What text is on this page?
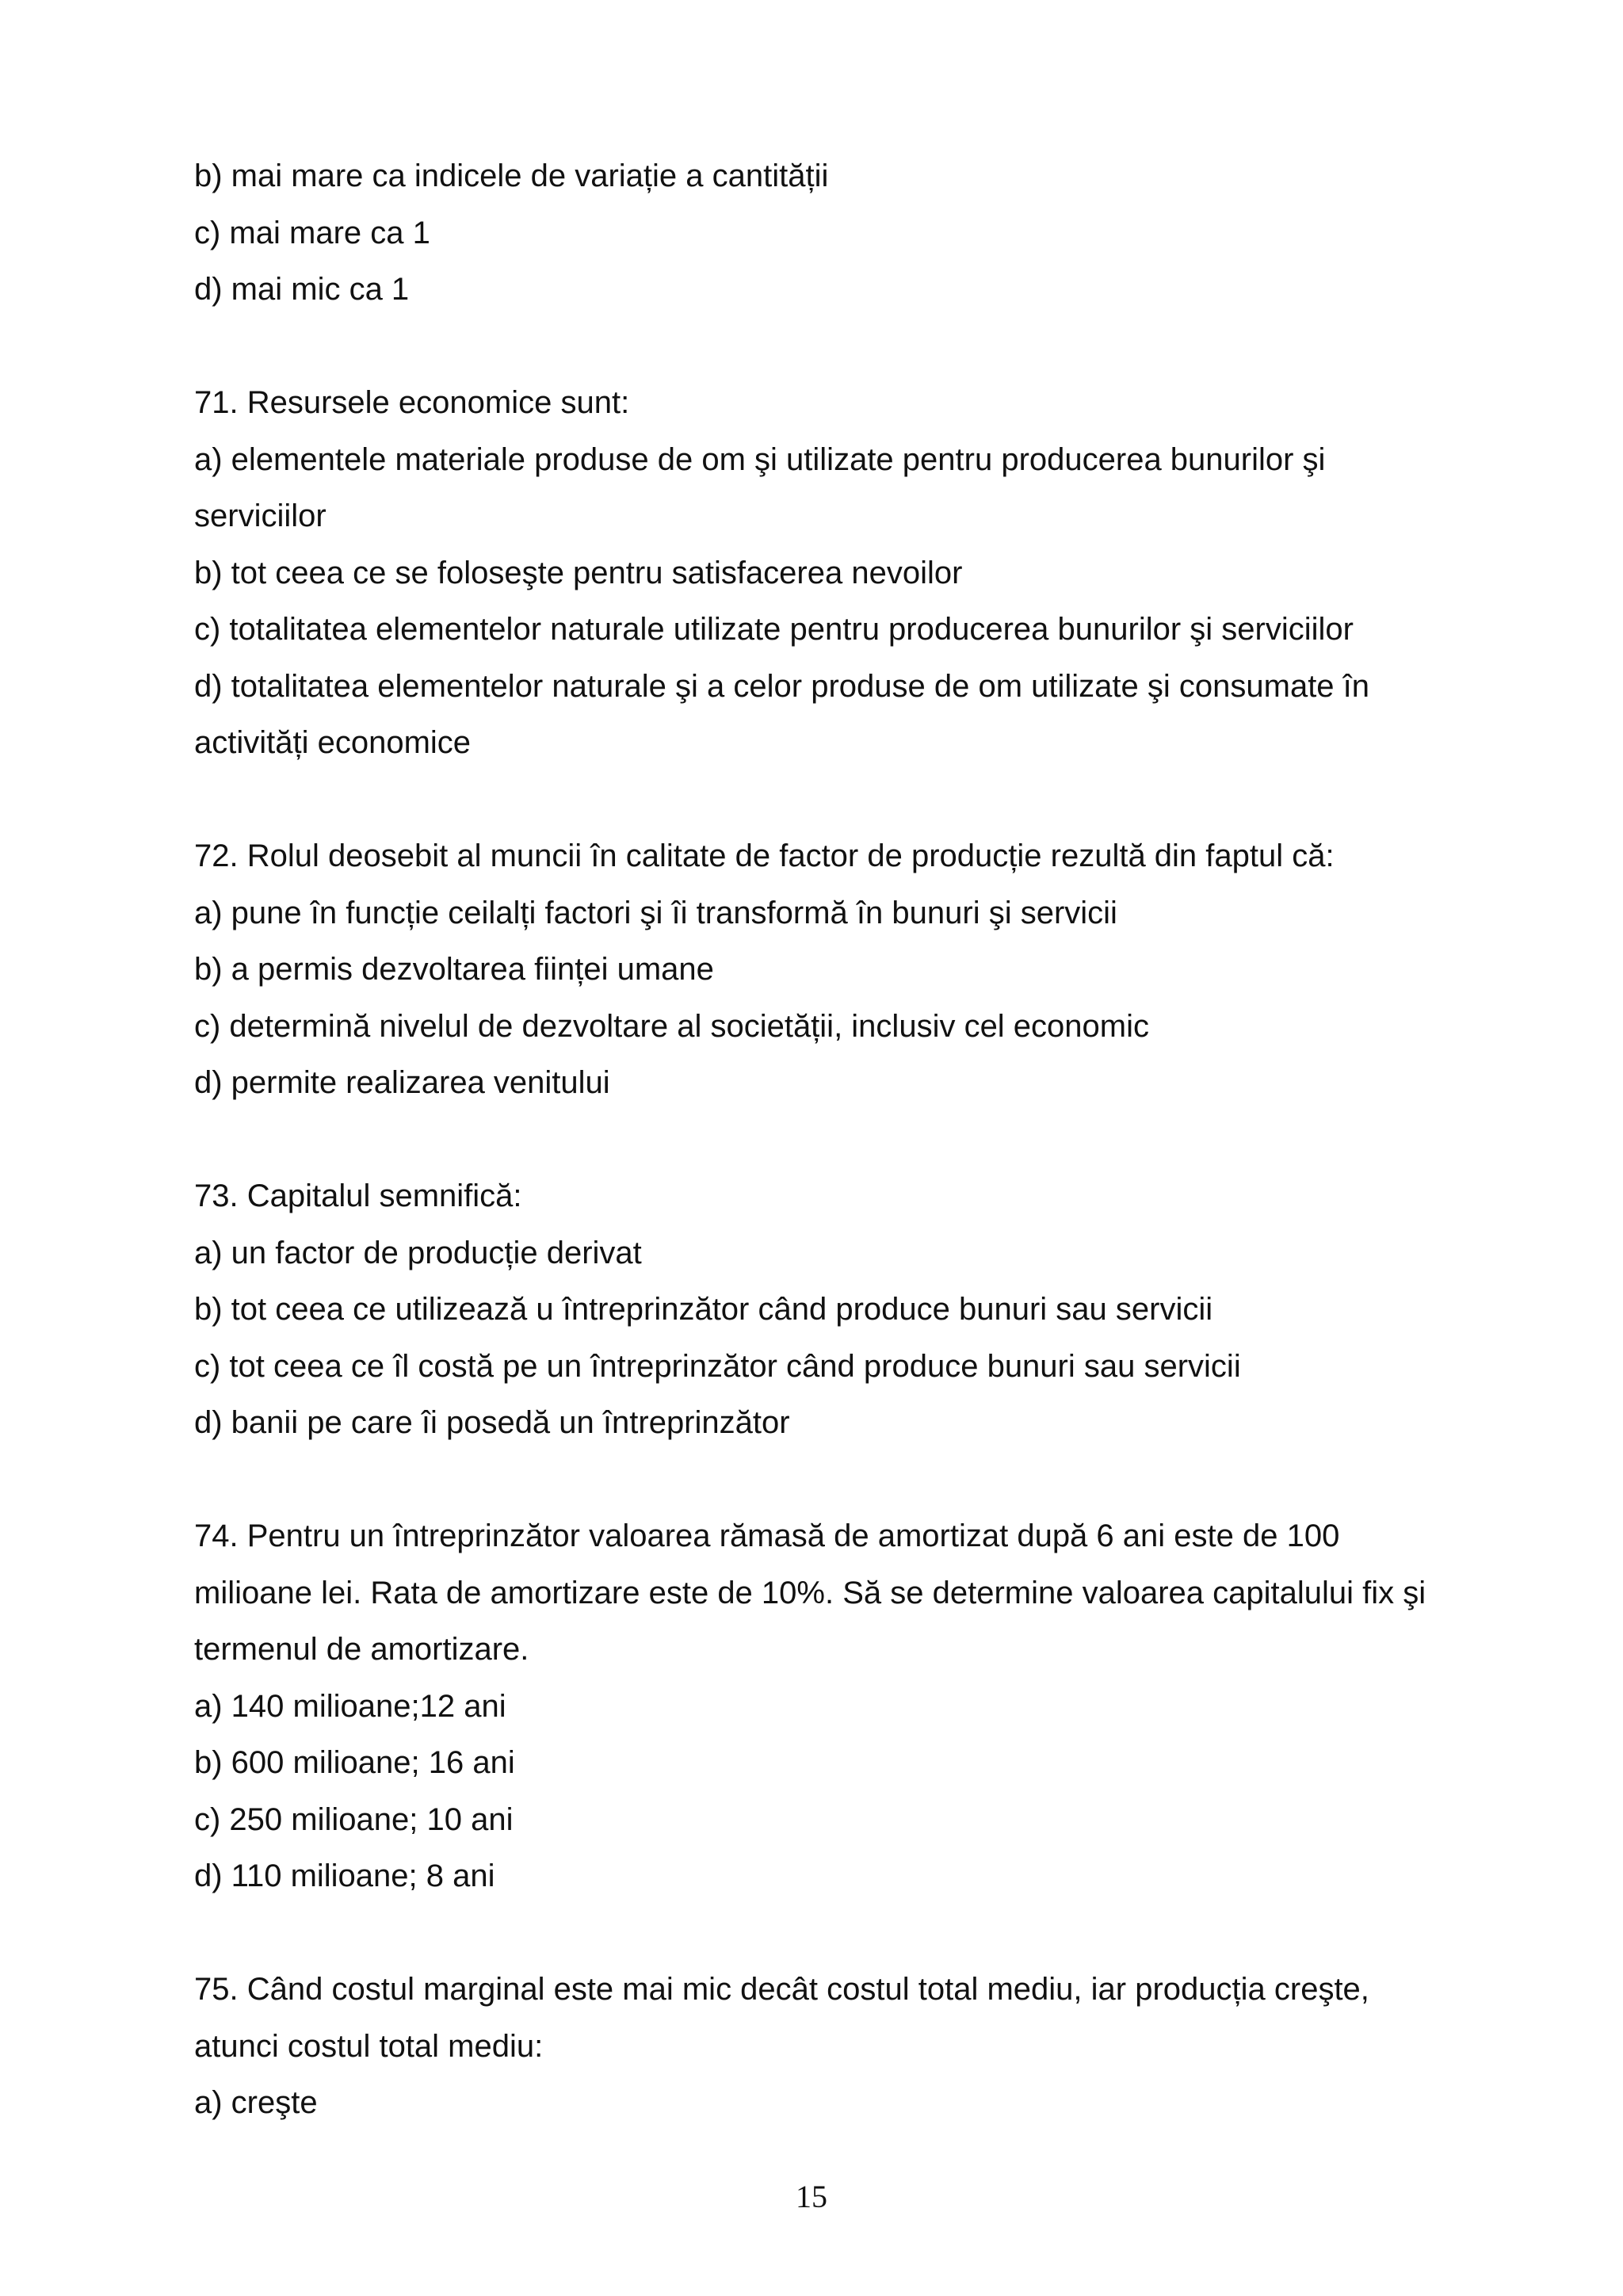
b) mai mare ca indicele de variație a cantității
c) mai mare ca 1
d) mai mic ca 1
71. Resursele economice sunt:
a) elementele materiale produse de om şi utilizate pentru producerea bunurilor şi
serviciilor
b) tot ceea ce se foloseşte pentru satisfacerea nevoilor
c) totalitatea elementelor naturale utilizate pentru producerea bunurilor şi serviciilor
d) totalitatea elementelor naturale şi a celor produse de om utilizate şi consumate în
activități economice
72. Rolul deosebit al muncii în calitate de factor de producție rezultă din faptul că:
a) pune în funcție ceilalți factori şi îi transformă în bunuri şi servicii
b) a permis dezvoltarea ființei umane
c) determină nivelul de dezvoltare al societății, inclusiv cel economic
d) permite realizarea venitului
73. Capitalul semnifică:
a) un factor de producție derivat
b) tot ceea ce utilizează u întreprinzător când produce bunuri sau servicii
c) tot ceea ce îl costă pe un întreprinzător când produce bunuri sau servicii
d) banii pe care îi posedă un întreprinzător
74. Pentru un întreprinzător valoarea rămasă de amortizat după 6 ani este de 100
milioane lei. Rata de amortizare este de 10%. Să se determine valoarea capitalului fix şi
termenul de amortizare.
a) 140 milioane;12 ani
b) 600 milioane; 16 ani
c) 250 milioane; 10 ani
d) 110 milioane; 8 ani
75. Când costul marginal este mai mic decât costul total mediu, iar producția creşte,
atunci costul total mediu:
a) creşte
15
